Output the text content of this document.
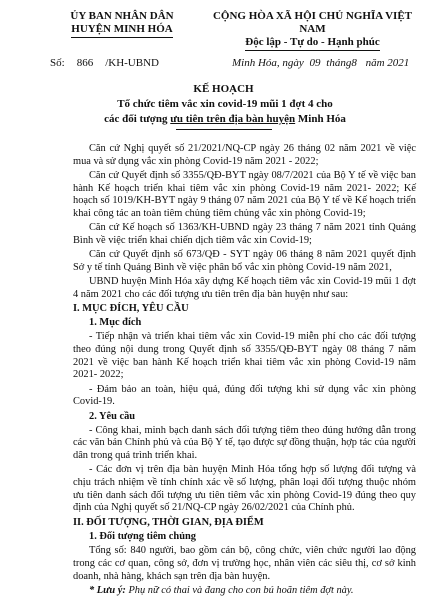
ỦY BAN NHÂN DÂN
HUYỆN MINH HÓA
CỘNG HÒA XÃ HỘI CHỦ NGHĨA VIỆT NAM
Độc lập - Tự do - Hạnh phúc
Số: 866 /KH-UBND	Minh Hóa, ngày 09 tháng8 năm 2021
KẾ HOẠCH
Tổ chức tiêm vắc xin covid-19 mũi 1 đợt 4 cho
các đối tượng ưu tiên trên địa bàn huyện Minh Hóa

Căn cứ Nghị quyết số 21/2021/NQ-CP ngày 26 tháng 02 năm 2021 về việc mua và sử dụng vắc xin phòng Covid-19 năm 2021 - 2022;

Căn cứ Quyết định số 3355/QĐ-BYT ngày 08/7/2021 của Bộ Y tế về việc ban hành Kế hoạch triển khai tiêm vắc xin phòng Covid-19 năm 2021- 2022; Kế hoạch số 1019/KH-BYT ngày 9 tháng 07 năm 2021 của Bộ Y tế về Kế hoạch triển khai công tác an toàn tiêm chủng tiêm chủng vắc xin phòng Covid-19;

Căn cứ Kế hoạch số 1363/KH-UBND ngày 23 tháng 7 năm 2021 tỉnh Quảng Bình về việc triển khai chiến dịch tiêm vắc xin Covid-19;

Căn cứ Quyết định số 673/QĐ - SYT ngày 06 tháng 8 năm 2021 quyết định Sở y tế tỉnh Quảng Bình về việc phân bổ vắc xin phòng Covid-19 năm 2021,

UBND huyện Minh Hóa xây dựng Kế hoạch tiêm vắc xin Covid-19 mũi 1 đợt 4 năm 2021 cho các đối tượng ưu tiên trên địa bàn huyện như sau:

I. MỤC ĐÍCH, YÊU CẦU
1. Mục đích

- Tiếp nhận và triển khai tiêm vắc xin Covid-19 miễn phí cho các đối tượng theo đúng nội dung trong Quyết định số 3355/QĐ-BYT ngày 08 tháng 7 năm 2021 về việc ban hành Kế hoạch triển khai tiêm vắc xin phòng Covid-19 năm 2021- 2022;

- Đảm bảo an toàn, hiệu quả, đúng đối tượng khi sử dụng vắc xin phòng Covid-19.

2. Yêu cầu

- Công khai, minh bạch danh sách đối tượng tiêm theo đúng hướng dẫn trong các văn bản Chính phủ và của Bộ Y tế, tạo được sự đồng thuận, hợp tác của người dân trong quá trình triển khai.

- Các đơn vị trên địa bàn huyện Minh Hóa tổng hợp số lượng đối tượng và chịu trách nhiệm về tính chính xác về số lượng, phân loại đối tượng thuộc nhóm ưu tiên danh sách đối tượng ưu tiên tiêm vắc xin phòng Covid-19 đúng theo quy định của Nghị quyết số 21/NQ-CP ngày 26/02/2021 của Chính phủ.

II. ĐỐI TƯỢNG, THỜI GIAN, ĐỊA ĐIỂM
1. Đối tượng tiêm chủng

Tổng số: 840 người, bao gồm cán bộ, công chức, viên chức người lao động trong các cơ quan, công sở, đơn vị trường học, nhân viên các siêu thị, cơ sở kinh doanh, nhà hàng, khách sạn trên địa bàn huyện.

* Lưu ý: Phụ nữ có thai và đang cho con bú hoãn tiêm đợt này.
